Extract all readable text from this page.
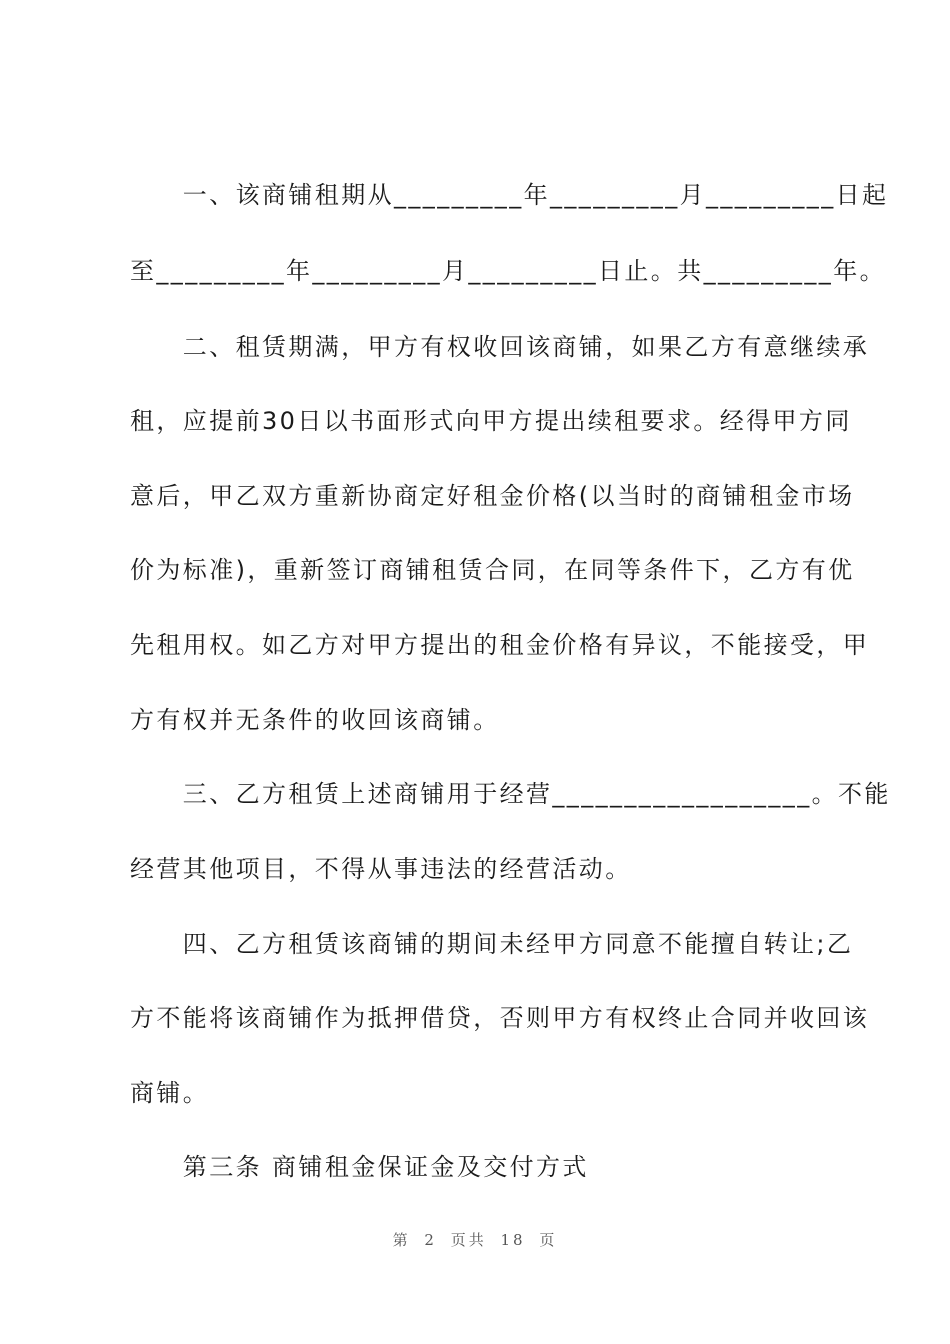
　　一、该商铺租期从_________年_________月_________日起
至_________年_________月_________日止。共_________年。
　　二、租赁期满，甲方有权收回该商铺，如果乙方有意继续承
租，应提前30日以书面形式向甲方提出续租要求。经得甲方同
意后，甲乙双方重新协商定好租金价格(以当时的商铺租金市场
价为标准)，重新签订商铺租赁合同，在同等条件下，乙方有优
先租用权。如乙方对甲方提出的租金价格有异议，不能接受，甲
方有权并无条件的收回该商铺。
　　三、乙方租赁上述商铺用于经营__________________。不能
经营其他项目，不得从事违法的经营活动。
　　四、乙方租赁该商铺的期间未经甲方同意不能擅自转让;乙
方不能将该商铺作为抵押借贷，否则甲方有权终止合同并收回该
商铺。
　　第三条 商铺租金保证金及交付方式
第 2 页共 18 页
